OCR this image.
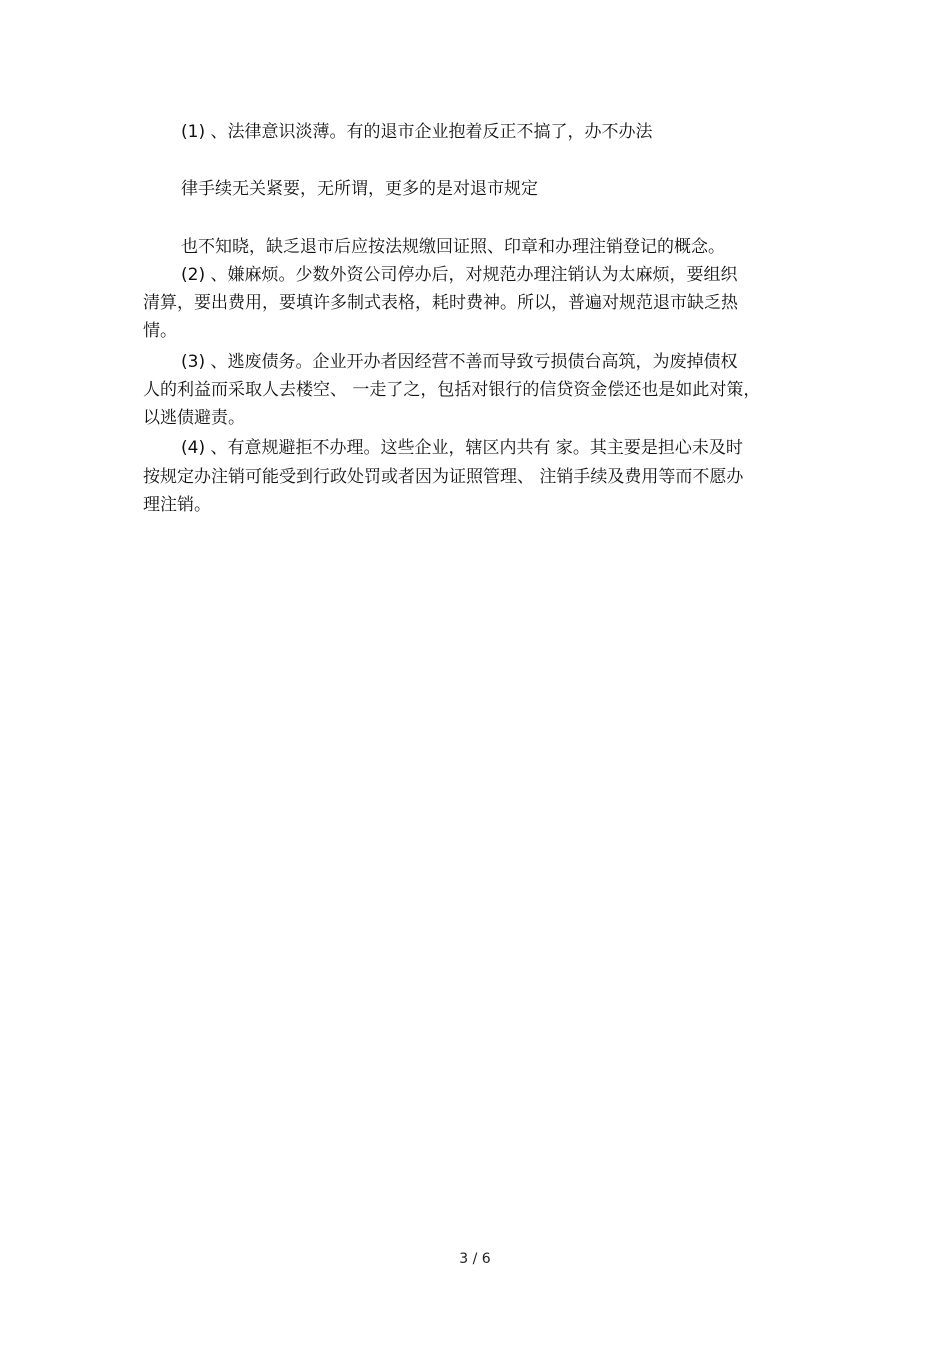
(1) 、法律意识淡薄。有的退市企业抱着反正不搞了，办不办法
律手续无关紧要，无所谓，更多的是对退市规定
也不知晓，缺乏退市后应按法规缴回证照、印章和办理注销登记的概念。
(2) 、嫌麻烦。少数外资公司停办后，对规范办理注销认为太麻烦，要组织
清算，要出费用，要填许多制式表格，耗时费神。所以，普遍对规范退市缺乏热
情。
(3) 、逃废债务。企业开办者因经营不善而导致亏损债台高筑，为废掉债权
人的利益而采取人去楼空、 一走了之，包括对银行的信贷资金偿还也是如此对策，
以逃债避责。
(4) 、有意规避拒不办理。这些企业，辖区内共有 家。其主要是担心未及时
按规定办注销可能受到行政处罚或者因为证照管理、 注销手续及费用等而不愿办
理注销。
3 / 6
